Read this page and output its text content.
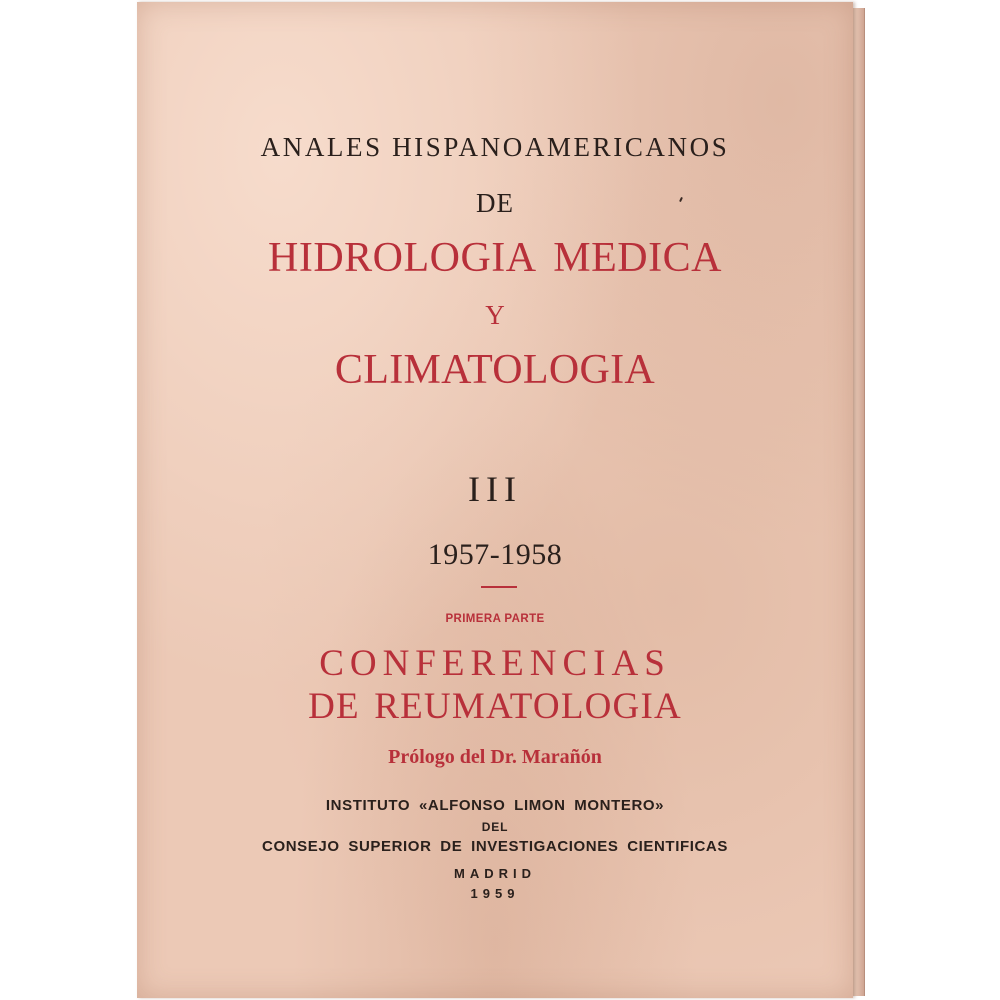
ANALES HISPANOAMERICANOS
DE
HIDROLOGIA MEDICA
Y
CLIMATOLOGIA
III
1957-1958
PRIMERA PARTE
CONFERENCIAS
DE REUMATOLOGIA
Prólogo del Dr. Marañón
INSTITUTO «ALFONSO LIMON MONTERO»
DEL
CONSEJO SUPERIOR DE INVESTIGACIONES CIENTIFICAS
MADRID
1959
